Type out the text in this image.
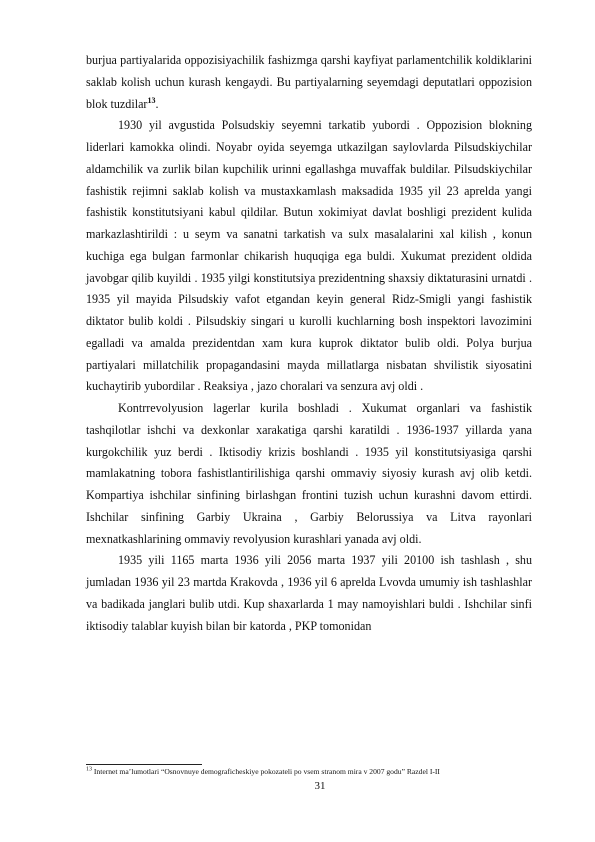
burjua partiyalarida oppozisiyachilik fashizmga qarshi kayfiyat parlamentchilik koldiklarini saklab kolish uchun kurash kengaydi. Bu partiyalarning seyemdagi deputatlari oppozision blok tuzdilar$^{13}$.

1930 yil avgustida Polsudskiy seyemni tarkatib yubordi . Oppozision blokning liderlari kamokka olindi. Noyabr oyida seyemga utkazilgan saylovlarda Pilsudskiychilar aldamchilik va zurlik bilan kupchilik urinni egallashga muvaffak buldilar. Pilsudskiychilar fashistik rejimni saklab kolish va mustaxkamlash maksadida 1935 yil 23 aprelda yangi fashistik konstitutsiyani kabul qildilar. Butun xokimiyat davlat boshligi prezident kulida markazlashtirildi : u seym va sanatni tarkatish va sulx masalalarini xal kilish , konun kuchiga ega bulgan farmonlar chikarish huquqiga ega buldi. Xukumat prezident oldida javobgar qilib kuyildi . 1935 yilgi konstitutsiya prezidentning shaxsiy diktaturasini urnatdi . 1935 yil mayida Pilsudskiy vafot etgandan keyin general Ridz-Smigli yangi fashistik diktator bulib koldi . Pilsudskiy singari u kurolli kuchlarning bosh inspektori lavozimini egalladi va amalda prezidentdan xam kura kuprok diktator bulib oldi. Polya burjua partiyalari millatchilik propagandasini mayda millatlarga nisbatan shvilistik siyosatini kuchaytirib yubordilar . Reaksiya , jazo choralari va senzura avj oldi .

Kontrrevolyusion lagerlar kurila boshladi . Xukumat organlari va fashistik tashqilotlar ishchi va dexkonlar xarakatiga qarshi karatildi . 1936-1937 yillarda yana kurgokchilik yuz berdi . Iktisodiy krizis boshlandi . 1935 yil konstitutsiyasiga qarshi mamlakatning tobora fashistlantirilishiga qarshi ommaviy siyosiy kurash avj olib ketdi. Kompartiya ishchilar sinfining birlashgan frontini tuzish uchun kurashni davom ettirdi. Ishchilar sinfining Garbiy Ukraina , Garbiy Belorussiya va Litva rayonlari mexnatkashlarining ommaviy revolyusion kurashlari yanada avj oldi.

1935 yili 1165 marta 1936 yili 2056 marta 1937 yili 20100 ish tashlash , shu jumladan 1936 yil 23 martda Krakovda , 1936 yil 6 aprelda Lvovda umumiy ish tashlashlar va badikada janglari bulib utdi. Kup shaxarlarda 1 may namoyishlari buldi . Ishchilar sinfi iktisodiy talablar kuyish bilan bir katorda , PKP tomonidan

$^{13}$ Internet ma’lumotlari “Osnovnuye demograficheskiye pokozateli po vsem stranom mira v 2007 godu” Razdel I-II
31
